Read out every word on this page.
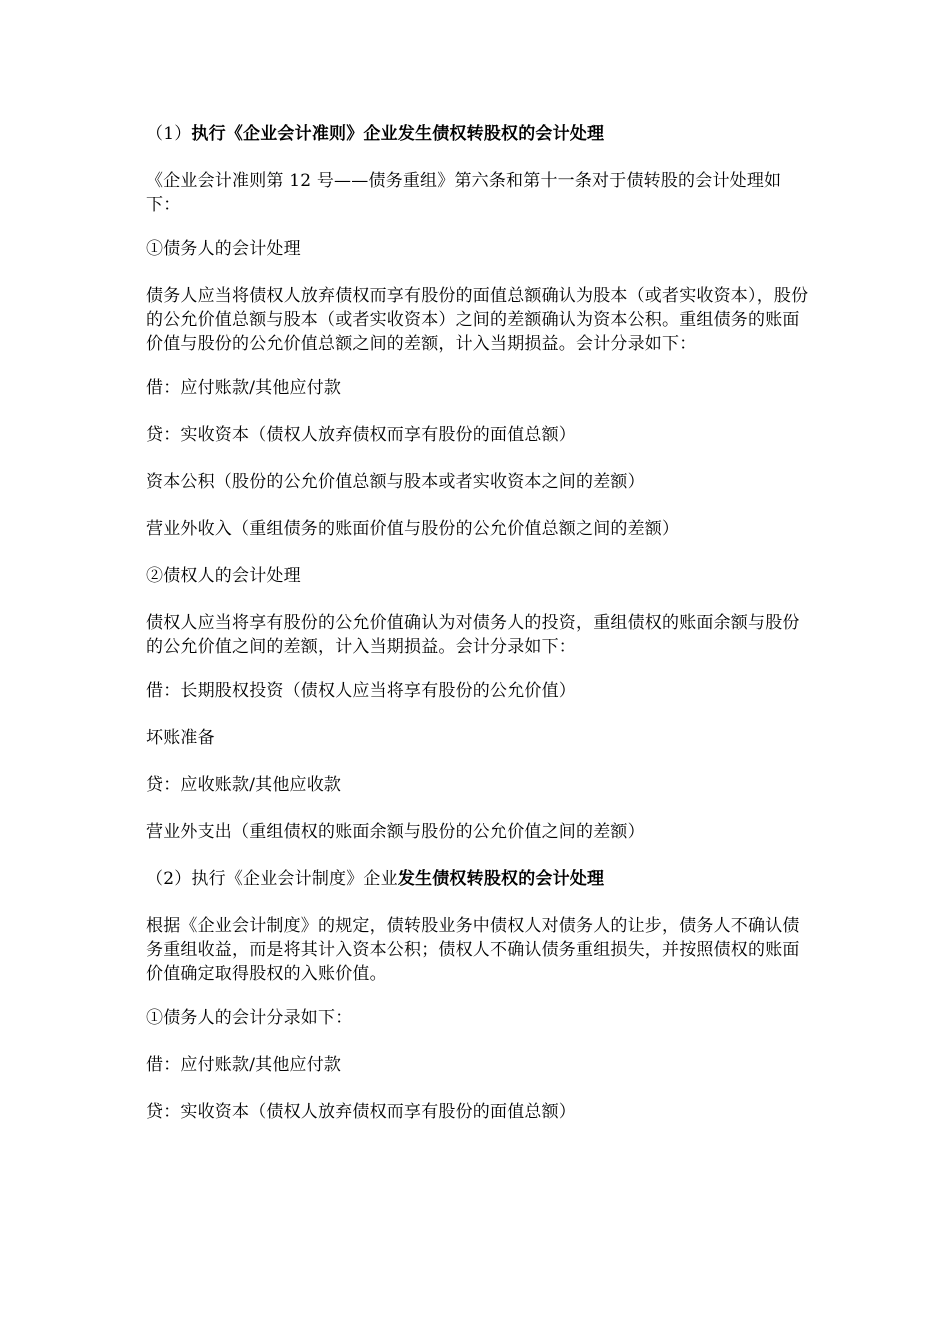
（1）执行《企业会计准则》企业发生债权转股权的会计处理

《企业会计准则第 12 号——债务重组》第六条和第十一条对于债转股的会计处理如下：

①债务人的会计处理

债务人应当将债权人放弃债权而享有股份的面值总额确认为股本（或者实收资本），股份的公允价值总额与股本（或者实收资本）之间的差额确认为资本公积。重组债务的账面价值与股份的公允价值总额之间的差额，计入当期损益。会计分录如下：

借：应付账款/其他应付款

贷：实收资本（债权人放弃债权而享有股份的面值总额）

资本公积（股份的公允价值总额与股本或者实收资本之间的差额）

营业外收入（重组债务的账面价值与股份的公允价值总额之间的差额）

②债权人的会计处理

债权人应当将享有股份的公允价值确认为对债务人的投资，重组债权的账面余额与股份的公允价值之间的差额，计入当期损益。会计分录如下：

借：长期股权投资（债权人应当将享有股份的公允价值）

坏账准备

贷：应收账款/其他应收款

营业外支出（重组债权的账面余额与股份的公允价值之间的差额）

（2）执行《企业会计制度》企业发生债权转股权的会计处理

根据《企业会计制度》的规定，债转股业务中债权人对债务人的让步，债务人不确认债务重组收益，而是将其计入资本公积；债权人不确认债务重组损失，并按照债权的账面价值确定取得股权的入账价值。

①债务人的会计分录如下：

借：应付账款/其他应付款

贷：实收资本（债权人放弃债权而享有股份的面值总额）
